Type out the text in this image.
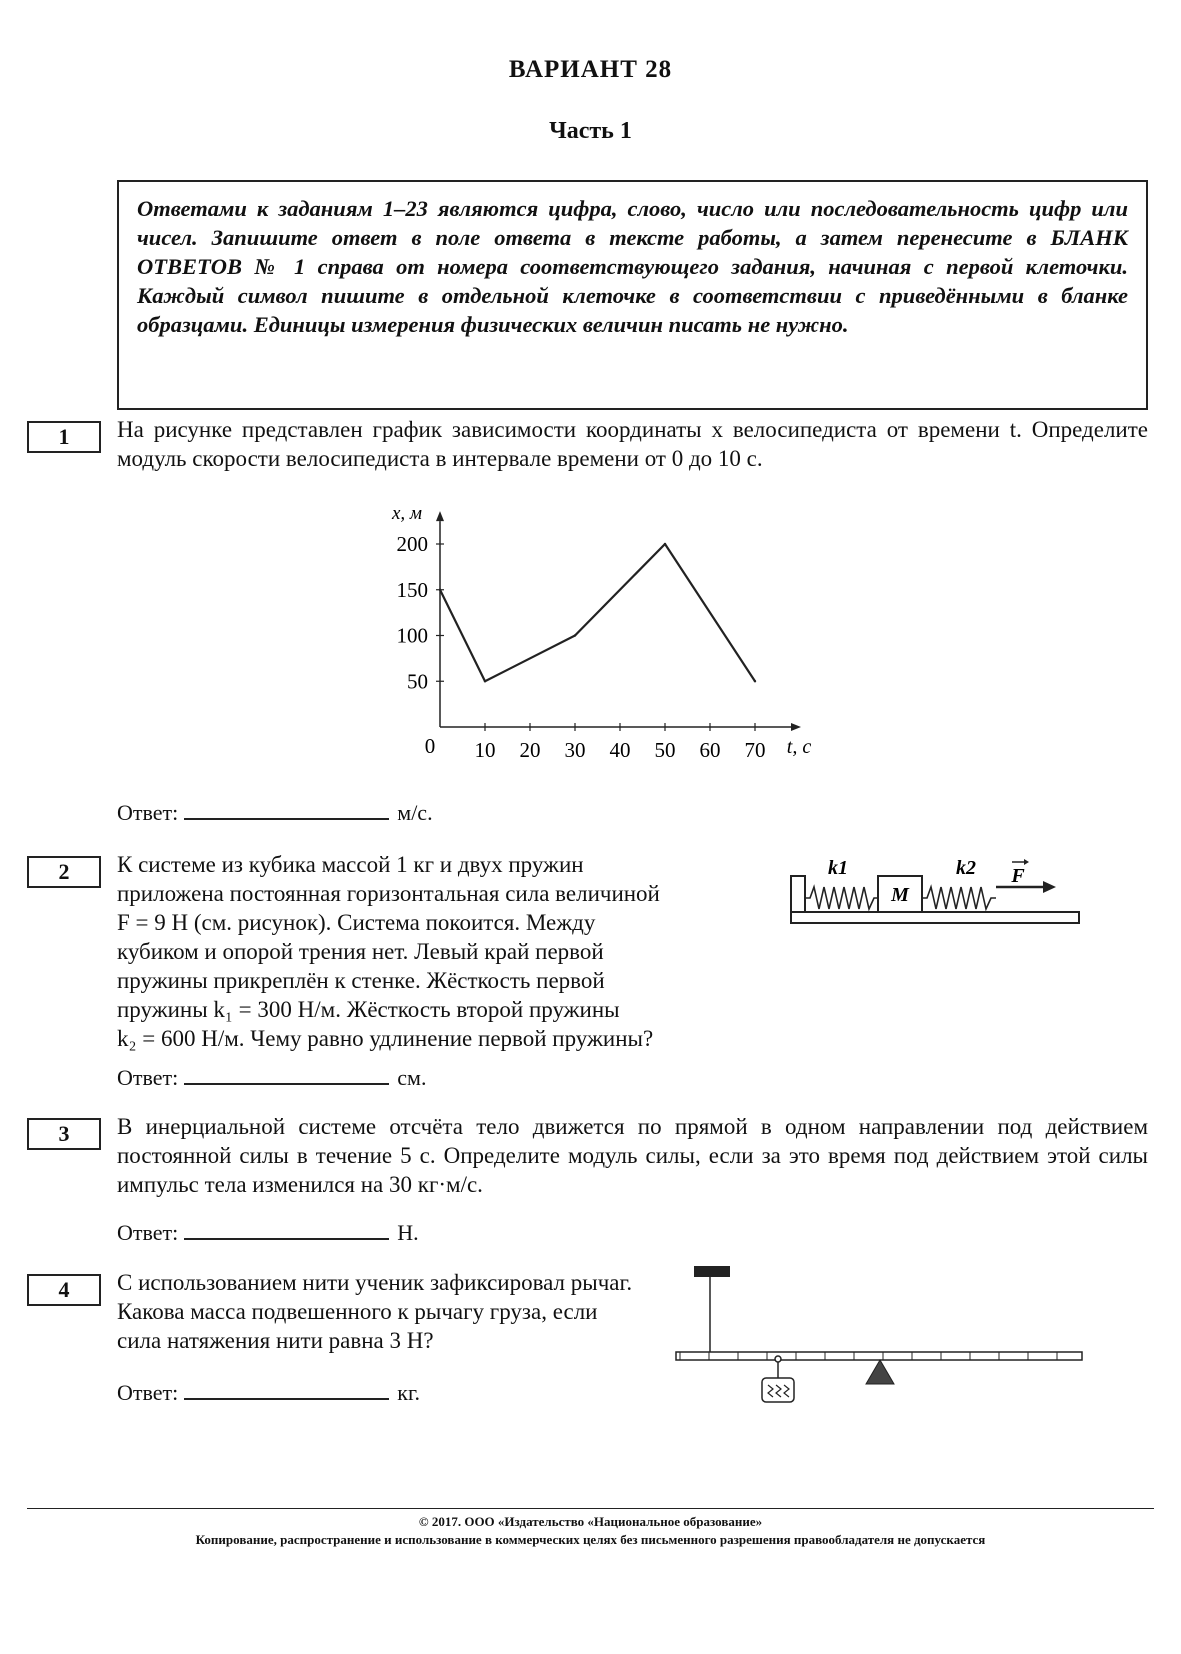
ВАРИАНТ 28
Часть 1
Ответами к заданиям 1–23 являются цифра, слово, число или последовательность цифр или чисел. Запишите ответ в поле ответа в тексте работы, а затем перенесите в БЛАНК ОТВЕТОВ № 1 справа от номера соответствующего задания, начиная с первой клеточки. Каждый символ пишите в отдельной клеточке в соответствии с приведёнными в бланке образцами. Единицы измерения физических величин писать не нужно.
1	На рисунке представлен график зависимости координаты x велосипедиста от времени t. Определите модуль скорости велосипедиста в интервале времени от 0 до 10 с.
50
100
150
200
10 20 30 40 50 60 70
0
x, м
t, с
Ответ:	м/с.
2	К системе из кубика массой 1 кг и двух пружин
приложена постоянная горизонтальная сила величиной
F = 9 Н (см. рисунок). Система покоится. Между
кубиком и опорой трения нет. Левый край первой
пружины прикреплён к стенке. Жёсткость первой
пружины k₁ = 300 Н/м. Жёсткость второй пружины
k₂ = 600 Н/м. Чему равно удлинение первой пружины?
M
k1	k2 F
Ответ:	см.
3	В инерциальной системе отсчёта тело движется по прямой в одном направлении под действием постоянной силы в течение 5 с. Определите модуль силы, если за это время под действием этой силы импульс тела изменился на 30 кг·м/с.
Ответ:	Н.
4	С использованием нити ученик зафиксировал рычаг. Какова масса подвешенного к рычагу груза, если сила натяжения нити равна 3 Н?
Ответ:	кг.
© 2017. ООО «Издательство «Национальное образование»
Копирование, распространение и использование в коммерческих целях без письменного разрешения правообладателя не допускается
